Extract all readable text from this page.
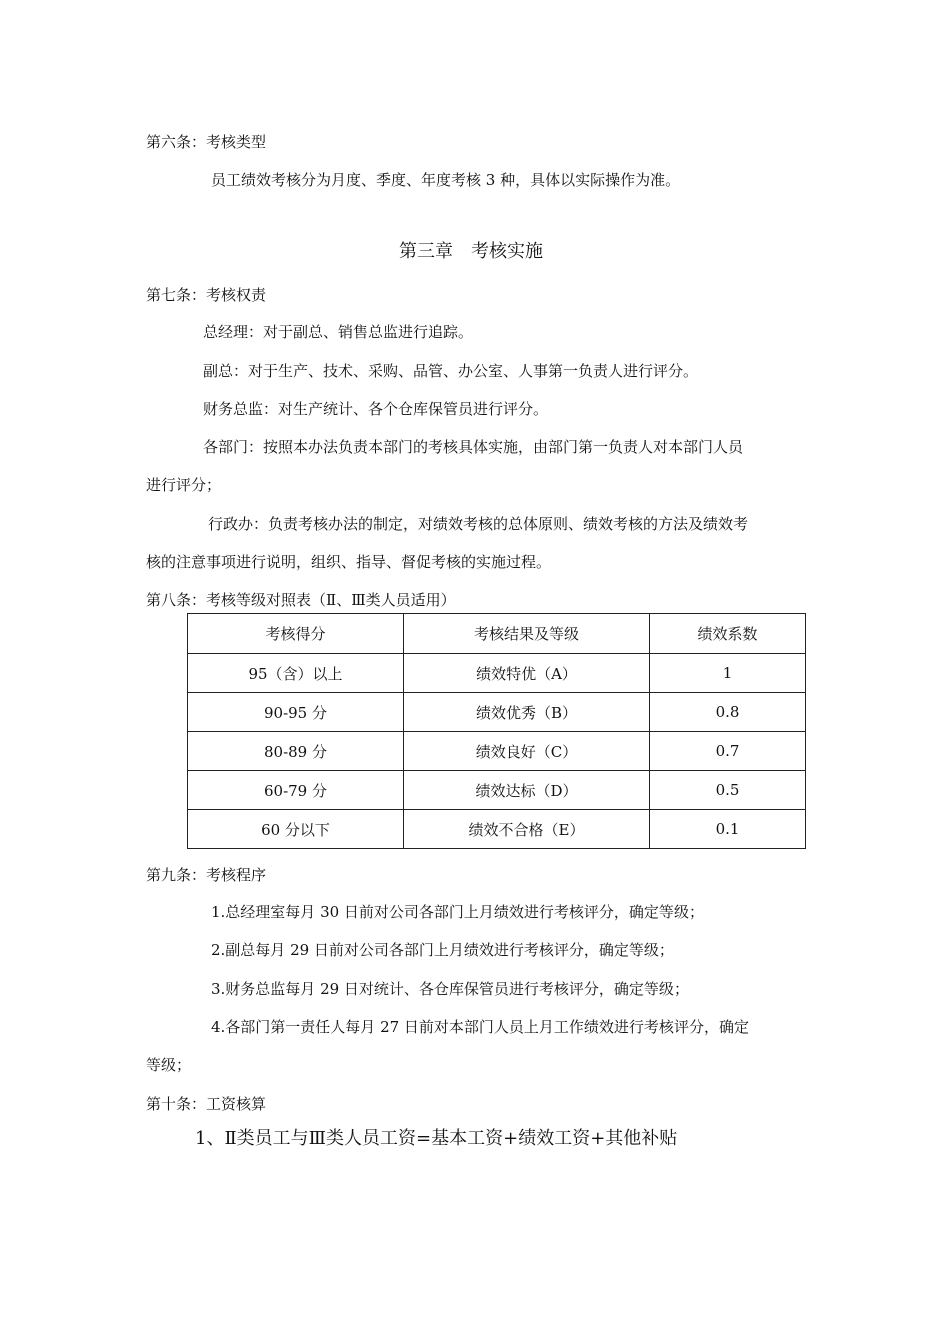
第六条：考核类型
员工绩效考核分为月度、季度、年度考核 3 种，具体以实际操作为准。
第三章　考核实施
第七条：考核权责
总经理：对于副总、销售总监进行追踪。
副总：对于生产、技术、采购、品管、办公室、人事第一负责人进行评分。
财务总监：对生产统计、各个仓库保管员进行评分。
各部门：按照本办法负责本部门的考核具体实施，由部门第一负责人对本部门人员
进行评分；
行政办：负责考核办法的制定，对绩效考核的总体原则、绩效考核的方法及绩效考
核的注意事项进行说明，组织、指导、督促考核的实施过程。
第八条：考核等级对照表（Ⅱ、Ⅲ类人员适用）
考核得分	考核结果及等级	绩效系数
95（含）以上	绩效特优（A）	1
90-95 分	绩效优秀（B）	0.8
80-89 分	绩效良好（C）	0.7
60-79 分	绩效达标（D）	0.5
60 分以下	绩效不合格（E）	0.1
第九条：考核程序
1.总经理室每月 30 日前对公司各部门上月绩效进行考核评分，确定等级；
2.副总每月 29 日前对公司各部门上月绩效进行考核评分，确定等级；
3.财务总监每月 29 日对统计、各仓库保管员进行考核评分，确定等级；
4.各部门第一责任人每月 27 日前对本部门人员上月工作绩效进行考核评分，确定
等级；
第十条：工资核算
1、Ⅱ类员工与Ⅲ类人员工资=基本工资+绩效工资+其他补贴
